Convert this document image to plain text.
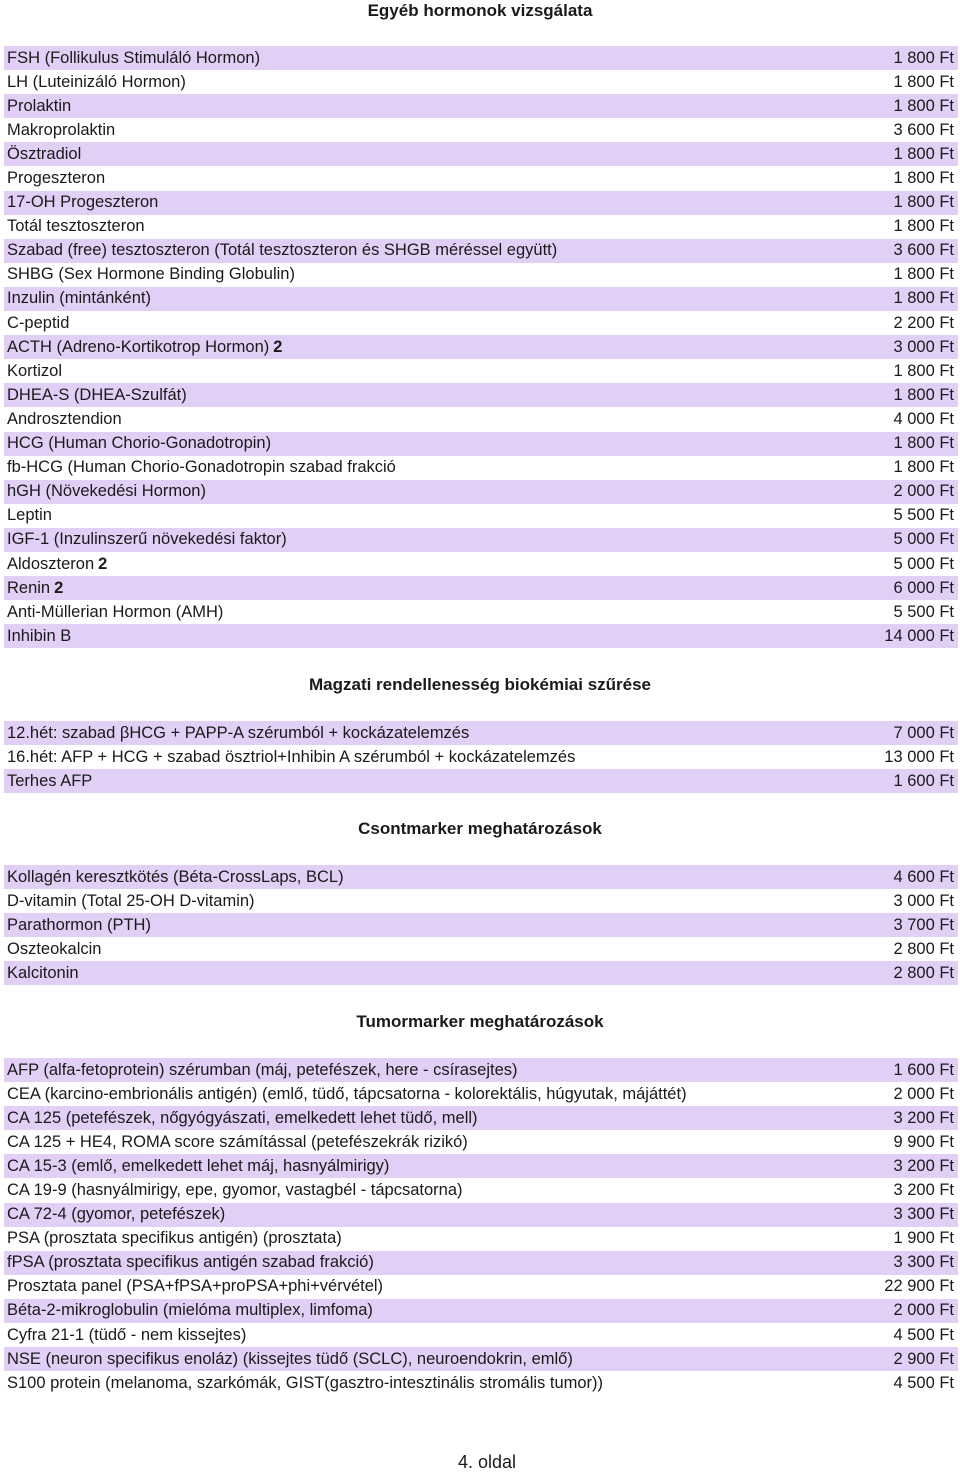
Egyéb hormonok vizsgálata
FSH (Follikulus Stimuláló Hormon)	1 800 Ft
LH (Luteinizáló Hormon)	1 800 Ft
Prolaktin	1 800 Ft
Makroprolaktin	3 600 Ft
Ösztradiol	1 800 Ft
Progeszteron	1 800 Ft
17-OH Progeszteron	1 800 Ft
Totál tesztoszteron	1 800 Ft
Szabad (free) tesztoszteron (Totál tesztoszteron és SHGB méréssel együtt)	3 600 Ft
SHBG (Sex Hormone Binding Globulin)	1 800 Ft
Inzulin (mintánként)	1 800 Ft
C-peptid	2 200 Ft
ACTH (Adreno-Kortikotrop Hormon) 2	3 000 Ft
Kortizol	1 800 Ft
DHEA-S (DHEA-Szulfát)	1 800 Ft
Androsztendion	4 000 Ft
HCG (Human Chorio-Gonadotropin)	1 800 Ft
fb-HCG (Human Chorio-Gonadotropin szabad frakció	1 800 Ft
hGH (Növekedési Hormon)	2 000 Ft
Leptin	5 500 Ft
IGF-1 (Inzulinszerű növekedési faktor)	5 000 Ft
Aldoszteron 2	5 000 Ft
Renin 2	6 000 Ft
Anti-Müllerian Hormon (AMH)	5 500 Ft
Inhibin B	14 000 Ft
Magzati rendellenesség biokémiai szűrése
12.hét: szabad βHCG + PAPP-A szérumból + kockázatelemzés	7 000 Ft
16.hét: AFP + HCG + szabad ösztriol+Inhibin A szérumból + kockázatelemzés	13 000 Ft
Terhes AFP	1 600 Ft
Csontmarker meghatározások
Kollagén keresztkötés (Béta-CrossLaps, BCL)	4 600 Ft
D-vitamin (Total 25-OH D-vitamin)	3 000 Ft
Parathormon (PTH)	3 700 Ft
Oszteokalcin	2 800 Ft
Kalcitonin	2 800 Ft
Tumormarker meghatározások
AFP (alfa-fetoprotein) szérumban (máj, petefészek, here - csírasejtes)	1 600 Ft
CEA (karcino-embrionális antigén) (emlő, tüdő, tápcsatorna - kolorektális, húgyutak, májáttét)	2 000 Ft
CA 125 (petefészek, nőgyógyászati, emelkedett lehet tüdő, mell)	3 200 Ft
CA 125 + HE4, ROMA score számítással (petefészekrák rizikó)	9 900 Ft
CA 15-3 (emlő, emelkedett lehet máj, hasnyálmirigy)	3 200 Ft
CA 19-9 (hasnyálmirigy, epe, gyomor, vastagbél - tápcsatorna)	3 200 Ft
CA 72-4 (gyomor, petefészek)	3 300 Ft
PSA (prosztata specifikus antigén) (prosztata)	1 900 Ft
fPSA (prosztata specifikus antigén szabad frakció)	3 300 Ft
Prosztata panel (PSA+fPSA+proPSA+phi+vérvétel)	22 900 Ft
Béta-2-mikroglobulin (mielóma multiplex, limfoma)	2 000 Ft
Cyfra 21-1 (tüdő - nem kissejtes)	4 500 Ft
NSE (neuron specifikus enoláz) (kissejtes tüdő (SCLC), neuroendokrin, emlő)	2 900 Ft
S100 protein (melanoma, szarkómák, GIST(gasztro-intesztinális stromális tumor))	4 500 Ft
4. oldal
